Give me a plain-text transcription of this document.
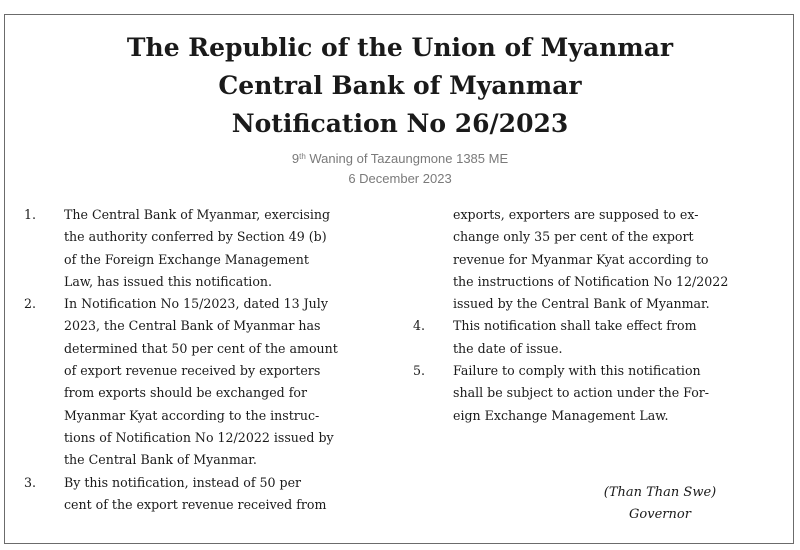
The Republic of the Union of Myanmar
Central Bank of Myanmar
Notification No 26/2023
9th Waning of Tazaungmone 1385 ME
6 December 2023
1.	The Central Bank of Myanmar, exercising
the authority conferred by Section 49 (b)
of the Foreign Exchange Management
Law, has issued this notification.
2.	In Notification No 15/2023, dated 13 July
2023, the Central Bank of Myanmar has
determined that 50 per cent of the amount
of export revenue received by exporters
from exports should be exchanged for
Myanmar Kyat according to the instruc-
tions of Notification No 12/2022 issued by
the Central Bank of Myanmar.
3.	By this notification, instead of 50 per
cent of the export revenue received from
exports, exporters are supposed to ex-
change only 35 per cent of the export
revenue for Myanmar Kyat according to
the instructions of Notification No 12/2022
issued by the Central Bank of Myanmar.
4.	This notification shall take effect from
the date of issue.
5.	Failure to comply with this notification
shall be subject to action under the For-
eign Exchange Management Law.
(Than Than Swe)
Governor
